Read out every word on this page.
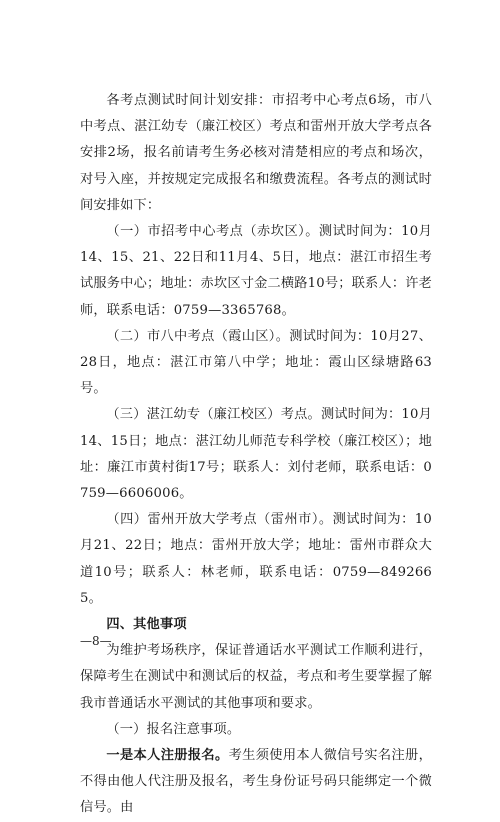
各考点测试时间计划安排：市招考中心考点6场，市八中考点、湛江幼专（廉江校区）考点和雷州开放大学考点各安排2场，报名前请考生务必核对清楚相应的考点和场次，对号入座，并按规定完成报名和缴费流程。各考点的测试时间安排如下：

（一）市招考中心考点（赤坎区）。测试时间为：10月14、15、21、22日和11月4、5日，地点：湛江市招生考试服务中心；地址：赤坎区寸金二横路10号；联系人：许老师，联系电话：0759—3365768。

（二）市八中考点（霞山区）。测试时间为：10月27、28日，地点：湛江市第八中学；地址：霞山区绿塘路63号。

（三）湛江幼专（廉江校区）考点。测试时间为：10月14、15日；地点：湛江幼儿师范专科学校（廉江校区）；地址：廉江市黄村街17号；联系人：刘付老师，联系电话：0759—6606006。

（四）雷州开放大学考点（雷州市）。测试时间为：10月21、22日；地点：雷州开放大学；地址：雷州市群众大道10号；联系人：林老师，联系电话：0759—8492665。

四、其他事项

为维护考场秩序，保证普通话水平测试工作顺利进行，保障考生在测试中和测试后的权益，考点和考生要掌握了解我市普通话水平测试的其他事项和要求。

（一）报名注意事项。

一是本人注册报名。考生须使用本人微信号实名注册，不得由他人代注册及报名，考生身份证号码只能绑定一个微信号。由

—8—
